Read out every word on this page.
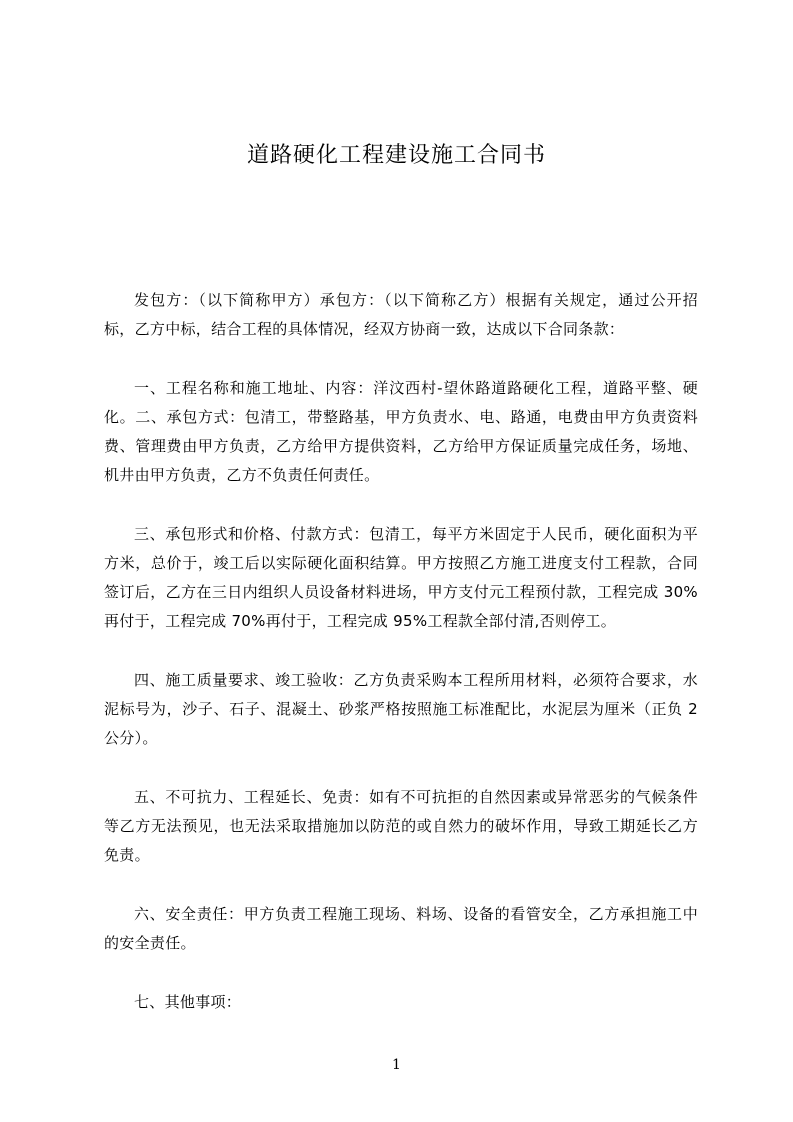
道路硬化工程建设施工合同书

发包方：（以下简称甲方）承包方：（以下简称乙方）根据有关规定，通过公开招标，乙方中标，结合工程的具体情况，经双方协商一致，达成以下合同条款：

一、工程名称和施工地址、内容：洋汶西村-望休路道路硬化工程，道路平整、硬化。二、承包方式：包清工，带整路基，甲方负责水、电、路通，电费由甲方负责资料费、管理费由甲方负责，乙方给甲方提供资料，乙方给甲方保证质量完成任务，场地、机井由甲方负责，乙方不负责任何责任。

三、承包形式和价格、付款方式：包清工，每平方米固定于人民币，硬化面积为平方米，总价于，竣工后以实际硬化面积结算。甲方按照乙方施工进度支付工程款，合同签订后，乙方在三日内组织人员设备材料进场，甲方支付元工程预付款，工程完成 30%再付于，工程完成 70%再付于，工程完成 95%工程款全部付清,否则停工。

四、施工质量要求、竣工验收：乙方负责采购本工程所用材料，必须符合要求，水泥标号为，沙子、石子、混凝土、砂浆严格按照施工标准配比，水泥层为厘米（正负 2 公分）。

五、不可抗力、工程延长、免责：如有不可抗拒的自然因素或异常恶劣的气候条件等乙方无法预见，也无法采取措施加以防范的或自然力的破坏作用，导致工期延长乙方免责。

六、安全责任：甲方负责工程施工现场、料场、设备的看管安全，乙方承担施工中的安全责任。

七、其他事项：

1
